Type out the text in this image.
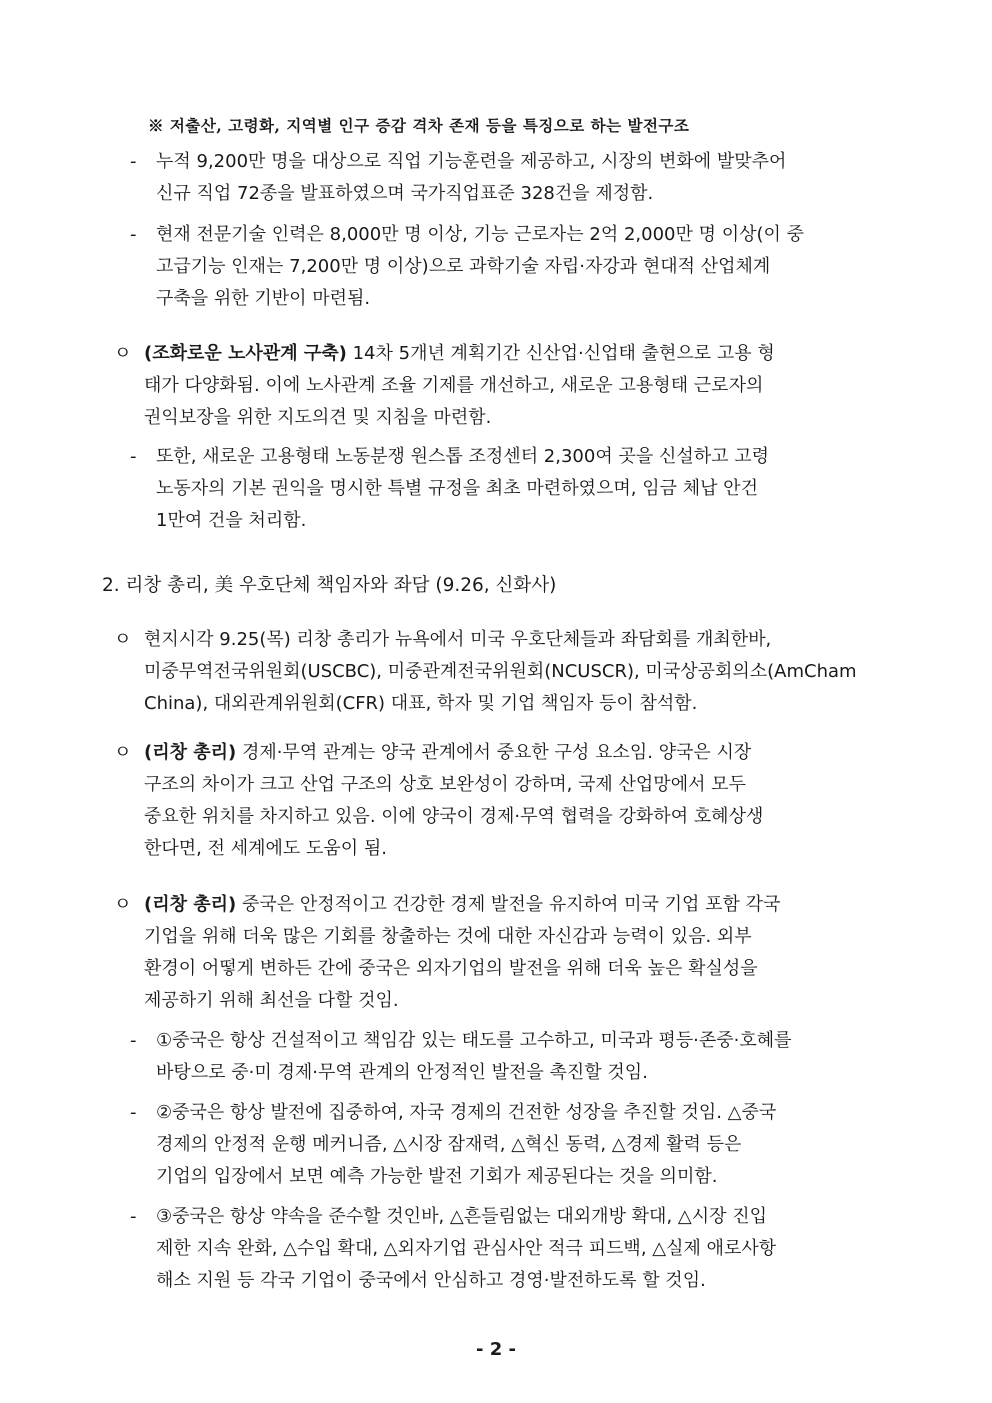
※ 저출산, 고령화, 지역별 인구 증감 격차 존재 등을 특징으로 하는 발전구조
- 누적 9,200만 명을 대상으로 직업 기능훈련을 제공하고, 시장의 변화에 발맞추어
신규 직업 72종을 발표하였으며 국가직업표준 328건을 제정함.
- 현재 전문기술 인력은 8,000만 명 이상, 기능 근로자는 2억 2,000만 명 이상(이 중
고급기능 인재는 7,200만 명 이상)으로 과학기술 자립·자강과 현대적 산업체계
구축을 위한 기반이 마련됨.
ㅇ (조화로운 노사관계 구축) 14차 5개년 계획기간 신산업·신업태 출현으로 고용 형
태가 다양화됨. 이에 노사관계 조율 기제를 개선하고, 새로운 고용형태 근로자의
권익보장을 위한 지도의견 및 지침을 마련함.
- 또한, 새로운 고용형태 노동분쟁 원스톱 조정센터 2,300여 곳을 신설하고 고령
노동자의 기본 권익을 명시한 특별 규정을 최초 마련하였으며, 임금 체납 안건
1만여 건을 처리함.
2. 리창 총리, 美 우호단체 책임자와 좌담 (9.26, 신화사)
ㅇ 현지시각 9.25(목) 리창 총리가 뉴욕에서 미국 우호단체들과 좌담회를 개최한바,
미중무역전국위원회(USCBC), 미중관계전국위원회(NCUSCR), 미국상공회의소(AmCham
China), 대외관계위원회(CFR) 대표, 학자 및 기업 책임자 등이 참석함.
ㅇ (리창 총리) 경제·무역 관계는 양국 관계에서 중요한 구성 요소임. 양국은 시장
구조의 차이가 크고 산업 구조의 상호 보완성이 강하며, 국제 산업망에서 모두
중요한 위치를 차지하고 있음. 이에 양국이 경제·무역 협력을 강화하여 호혜상생
한다면, 전 세계에도 도움이 됨.
ㅇ (리창 총리) 중국은 안정적이고 건강한 경제 발전을 유지하여 미국 기업 포함 각국
기업을 위해 더욱 많은 기회를 창출하는 것에 대한 자신감과 능력이 있음. 외부
환경이 어떻게 변하든 간에 중국은 외자기업의 발전을 위해 더욱 높은 확실성을
제공하기 위해 최선을 다할 것임.
- ①중국은 항상 건설적이고 책임감 있는 태도를 고수하고, 미국과 평등·존중·호혜를
바탕으로 중·미 경제·무역 관계의 안정적인 발전을 촉진할 것임.
- ②중국은 항상 발전에 집중하여, 자국 경제의 건전한 성장을 추진할 것임. △중국
경제의 안정적 운행 메커니즘, △시장 잠재력, △혁신 동력, △경제 활력 등은
기업의 입장에서 보면 예측 가능한 발전 기회가 제공된다는 것을 의미함.
- ③중국은 항상 약속을 준수할 것인바, △흔들림없는 대외개방 확대, △시장 진입
제한 지속 완화, △수입 확대, △외자기업 관심사안 적극 피드백, △실제 애로사항
해소 지원 등 각국 기업이 중국에서 안심하고 경영·발전하도록 할 것임.
- 2 -
